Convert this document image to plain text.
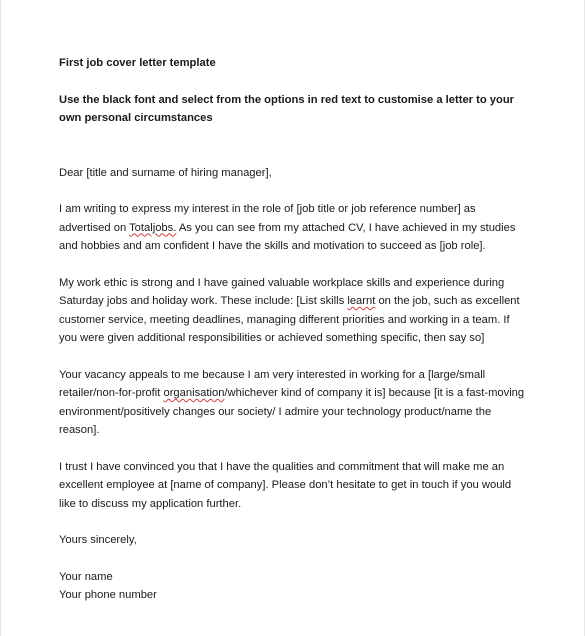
First job cover letter template

Use the black font and select from the options in red text to customise a letter to your own personal circumstances

Dear [title and surname of hiring manager],

I am writing to express my interest in the role of [job title or job reference number] as advertised on Totaljobs. As you can see from my attached CV, I have achieved in my studies and hobbies and am confident I have the skills and motivation to succeed as [job role].

My work ethic is strong and I have gained valuable workplace skills and experience during Saturday jobs and holiday work. These include: [List skills learnt on the job, such as excellent customer service, meeting deadlines, managing different priorities and working in a team. If you were given additional responsibilities or achieved something specific, then say so]

Your vacancy appeals to me because I am very interested in working for a [large/small retailer/non-for-profit organisation/whichever kind of company it is] because [it is a fast-moving environment/positively changes our society/ I admire your technology product/name the reason].

I trust I have convinced you that I have the qualities and commitment that will make me an excellent employee at [name of company]. Please don’t hesitate to get in touch if you would like to discuss my application further.

Yours sincerely,

Your name

Your phone number
